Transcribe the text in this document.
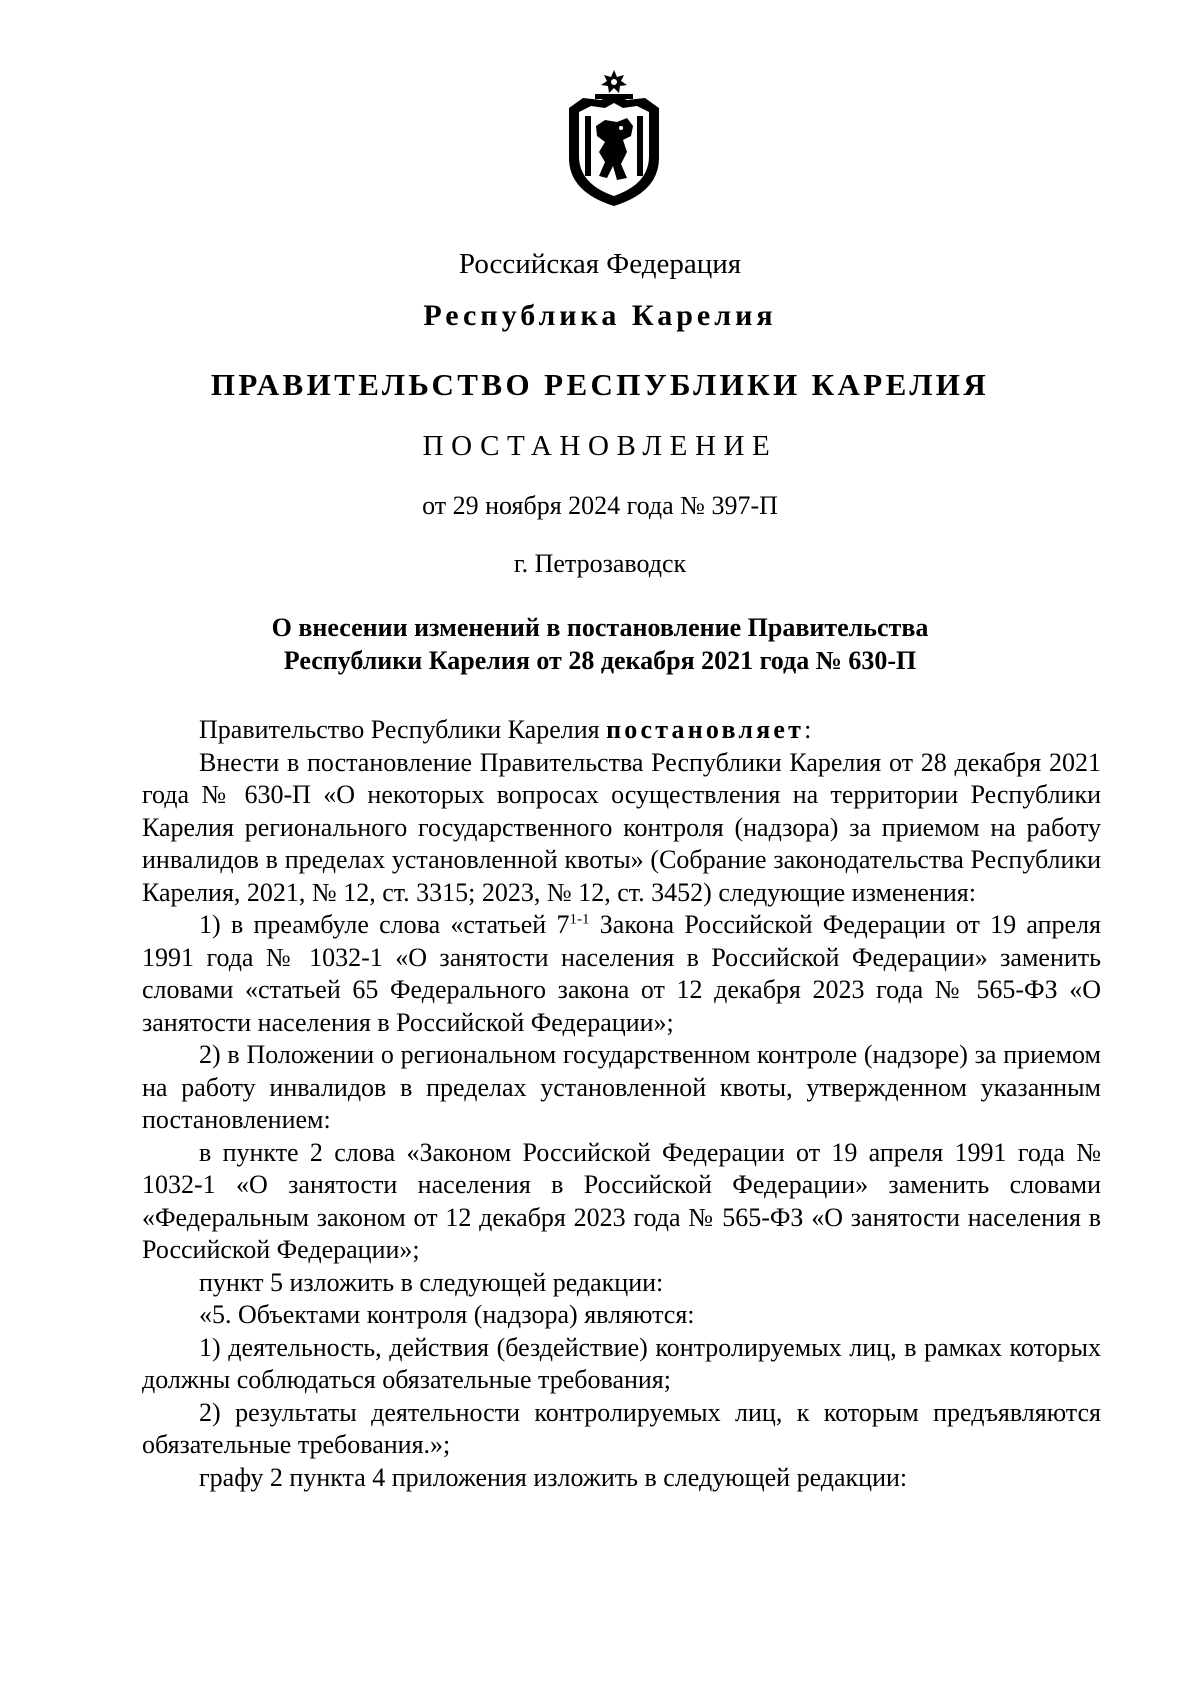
Российская Федерация
Республика Карелия
ПРАВИТЕЛЬСТВО РЕСПУБЛИКИ КАРЕЛИЯ
ПОСТАНОВЛЕНИЕ
от 29 ноября 2024 года № 397-П
г. Петрозаводск
О внесении изменений в постановление Правительства
Республики Карелия от 28 декабря 2021 года № 630-П

Правительство Республики Карелия постановляет:

Внести в постановление Правительства Республики Карелия от 28 декабря 2021 года № 630-П «О некоторых вопросах осуществления на территории Республики Карелия регионального государственного контроля (надзора) за приемом на работу инвалидов в пределах установленной квоты» (Собрание законодательства Республики Карелия, 2021, № 12, ст. 3315; 2023, № 12, ст. 3452) следующие изменения:

1) в преамбуле слова «статьей 7$^{1-1}$ Закона Российской Федерации от 19 апреля 1991 года № 1032-1 «О занятости населения в Российской Федерации» заменить словами «статьей 65 Федерального закона от 12 декабря 2023 года № 565-ФЗ «О занятости населения в Российской Федерации»;

2) в Положении о региональном государственном контроле (надзоре) за приемом на работу инвалидов в пределах установленной квоты, утвержденном указанным постановлением:

в пункте 2 слова «Законом Российской Федерации от 19 апреля 1991 года № 1032-1 «О занятости населения в Российской Федерации» заменить словами «Федеральным законом от 12 декабря 2023 года № 565-ФЗ «О занятости населения в Российской Федерации»;

пункт 5 изложить в следующей редакции:

«5. Объектами контроля (надзора) являются:

1) деятельность, действия (бездействие) контролируемых лиц, в рамках которых должны соблюдаться обязательные требования;

2) результаты деятельности контролируемых лиц, к которым предъявляются обязательные требования.»;

графу 2 пункта 4 приложения изложить в следующей редакции:
